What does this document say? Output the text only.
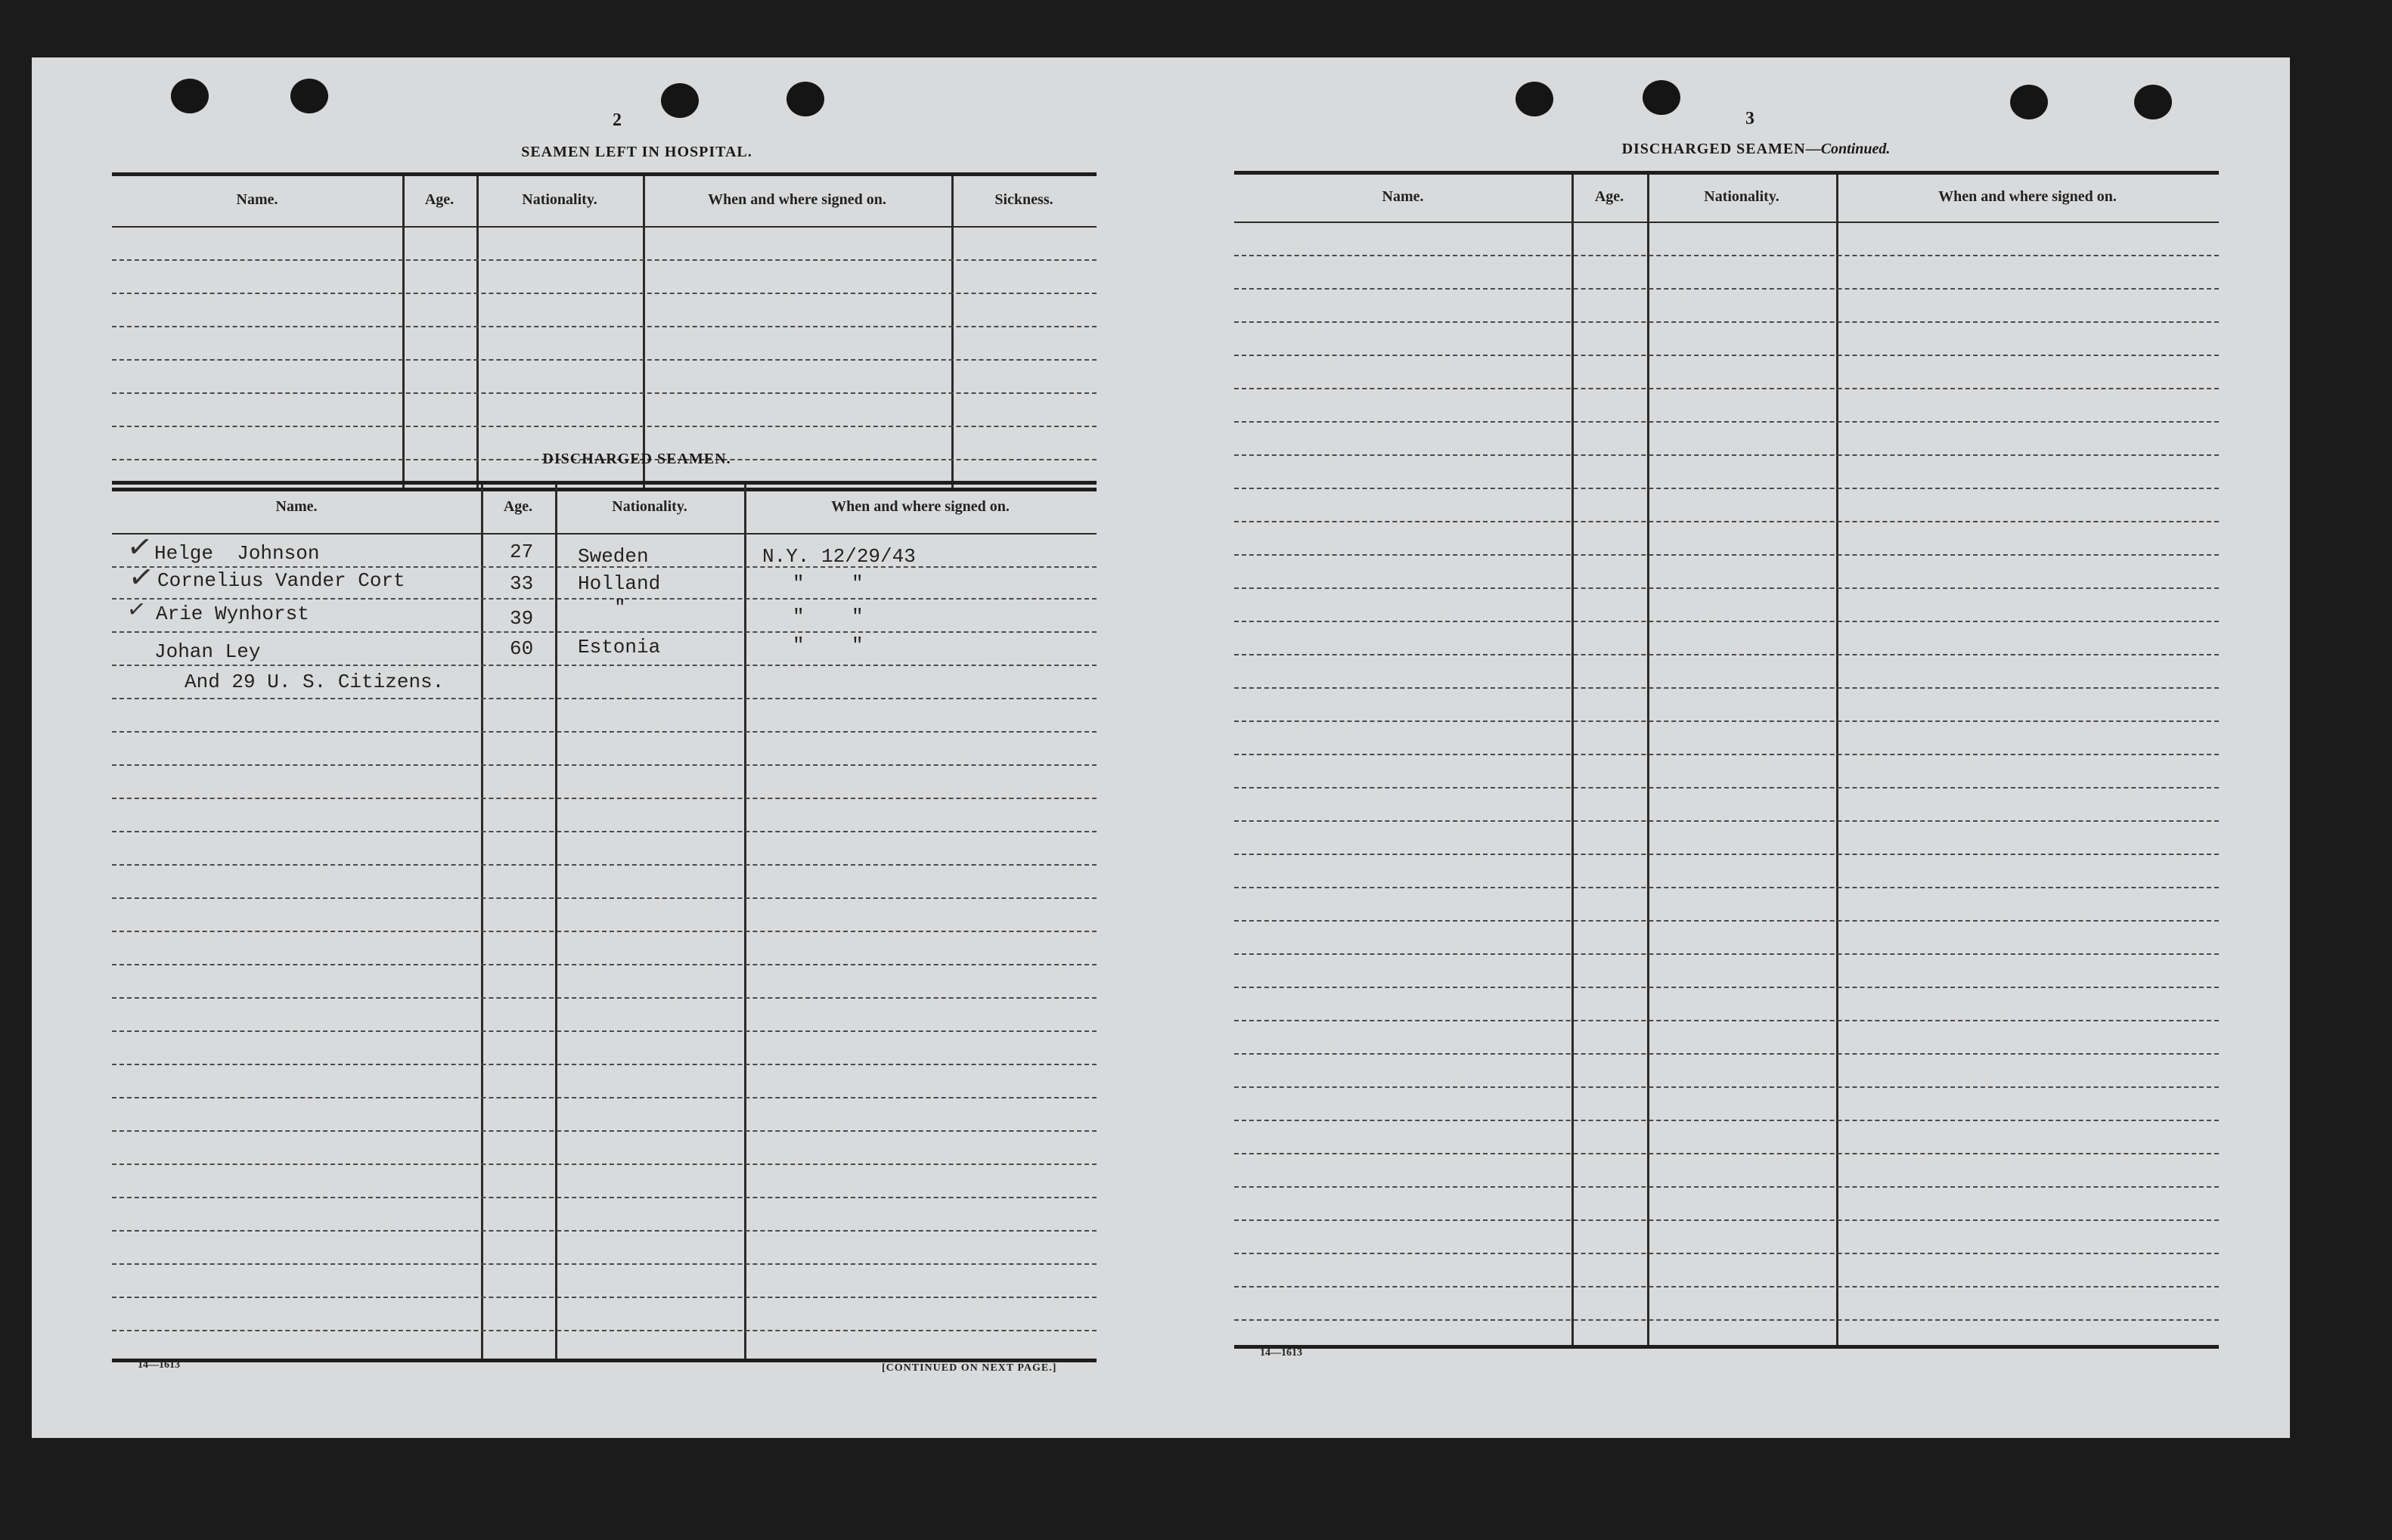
2
SEAMEN LEFT IN HOSPITAL.
Name.	Age.	Nationality.	When and where signed on.	Sickness.
DISCHARGED SEAMEN.
Name.	Age.	Nationality.	When and where signed on.
✓ Helge  Johnson	27 Sweden	N.Y. 12/29/43
✓ Cornelius Vander Cort	33 Holland	"    "
✓ Arie Wynhorst	39	"	"    "
Johan Ley	60 Estonia	"    "
And 29 U. S. Citizens.
14—1613	[CONTINUED ON NEXT PAGE.]
3
DISCHARGED SEAMEN—Continued.
Name.	Age.	Nationality.	When and where signed on.
14—1613
